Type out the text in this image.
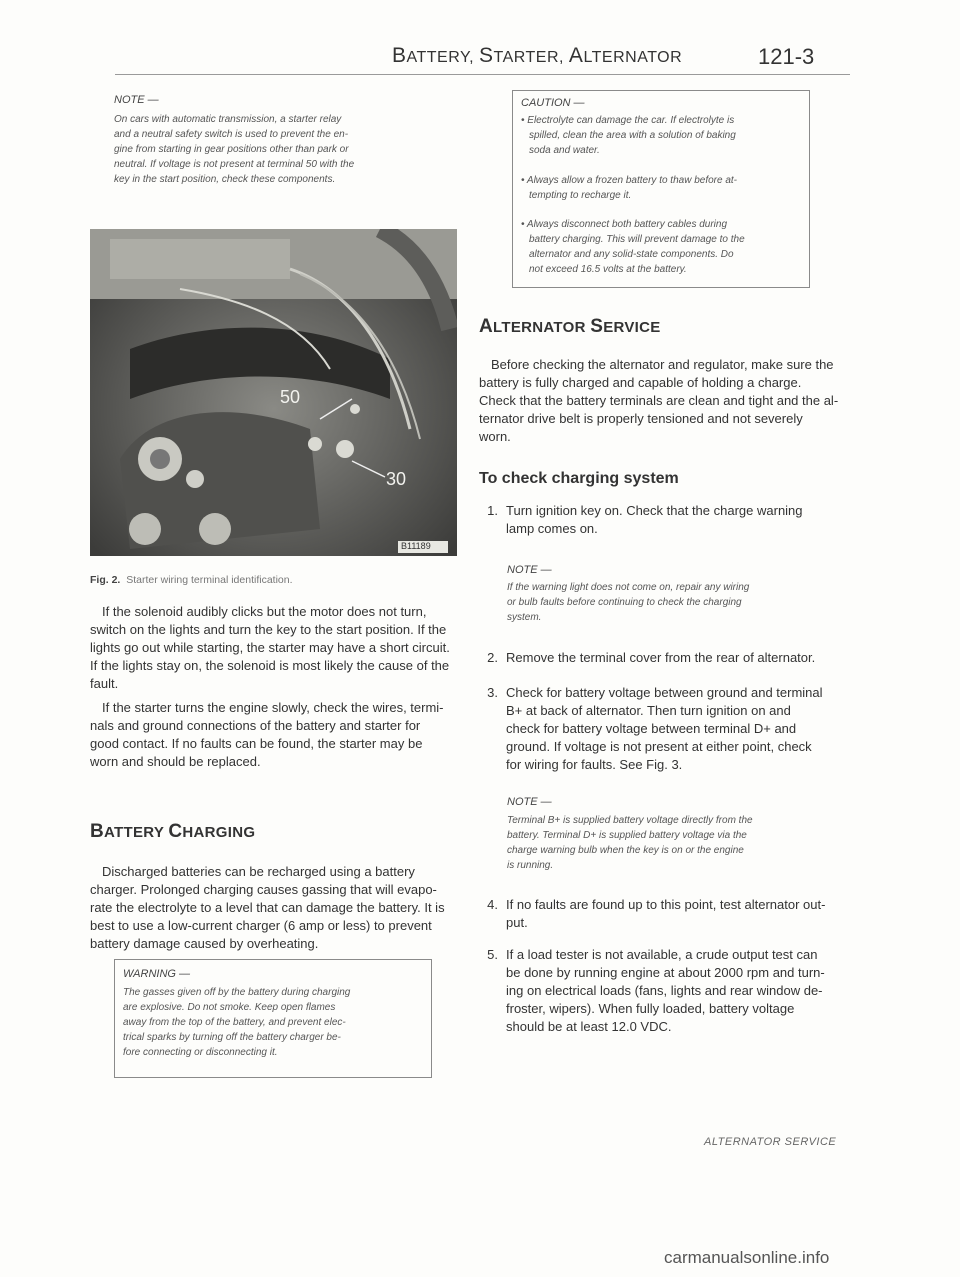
BATTERY, STARTER, ALTERNATOR	121-3
NOTE —
On cars with automatic transmission, a starter relay
and a neutral safety switch is used to prevent the en-
gine from starting in gear positions other than park or
neutral. If voltage is not present at terminal 50 with the
key in the start position, check these components.
50
30
B11189
Fig. 2. Starter wiring terminal identification.
If the solenoid audibly clicks but the motor does not turn,
switch on the lights and turn the key to the start position. If the
lights go out while starting, the starter may have a short circuit.
If the lights stay on, the solenoid is most likely the cause of the
fault.
If the starter turns the engine slowly, check the wires, termi-
nals and ground connections of the battery and starter for
good contact. If no faults can be found, the starter may be
worn and should be replaced.
BATTERY CHARGING
Discharged batteries can be recharged using a battery
charger. Prolonged charging causes gassing that will evapo-
rate the electrolyte to a level that can damage the battery. It is
best to use a low-current charger (6 amp or less) to prevent
battery damage caused by overheating.
WARNING —
The gasses given off by the battery during charging
are explosive. Do not smoke. Keep open flames
away from the top of the battery, and prevent elec-
trical sparks by turning off the battery charger be-
fore connecting or disconnecting it.
CAUTION —
• Electrolyte can damage the car. If electrolyte is
spilled, clean the area with a solution of baking
soda and water.
• Always allow a frozen battery to thaw before at-
tempting to recharge it.
• Always disconnect both battery cables during
battery charging. This will prevent damage to the
alternator and any solid-state components. Do
not exceed 16.5 volts at the battery.
ALTERNATOR SERVICE
Before checking the alternator and regulator, make sure the
battery is fully charged and capable of holding a charge.
Check that the battery terminals are clean and tight and the al-
ternator drive belt is properly tensioned and not severely
worn.
To check charging system
1. Turn ignition key on. Check that the charge warning
lamp comes on.
NOTE —
If the warning light does not come on, repair any wiring
or bulb faults before continuing to check the charging
system.
2. Remove the terminal cover from the rear of alternator.
3. Check for battery voltage between ground and terminal
B+ at back of alternator. Then turn ignition on and
check for battery voltage between terminal D+ and
ground. If voltage is not present at either point, check
for wiring for faults. See Fig. 3.
NOTE —
Terminal B+ is supplied battery voltage directly from the
battery. Terminal D+ is supplied battery voltage via the
charge warning bulb when the key is on or the engine
is running.
4. If no faults are found up to this point, test alternator out-
put.
5. If a load tester is not available, a crude output test can
be done by running engine at about 2000 rpm and turn-
ing on electrical loads (fans, lights and rear window de-
froster, wipers). When fully loaded, battery voltage
should be at least 12.0 VDC.
ALTERNATOR SERVICE
carmanualsonline.info
